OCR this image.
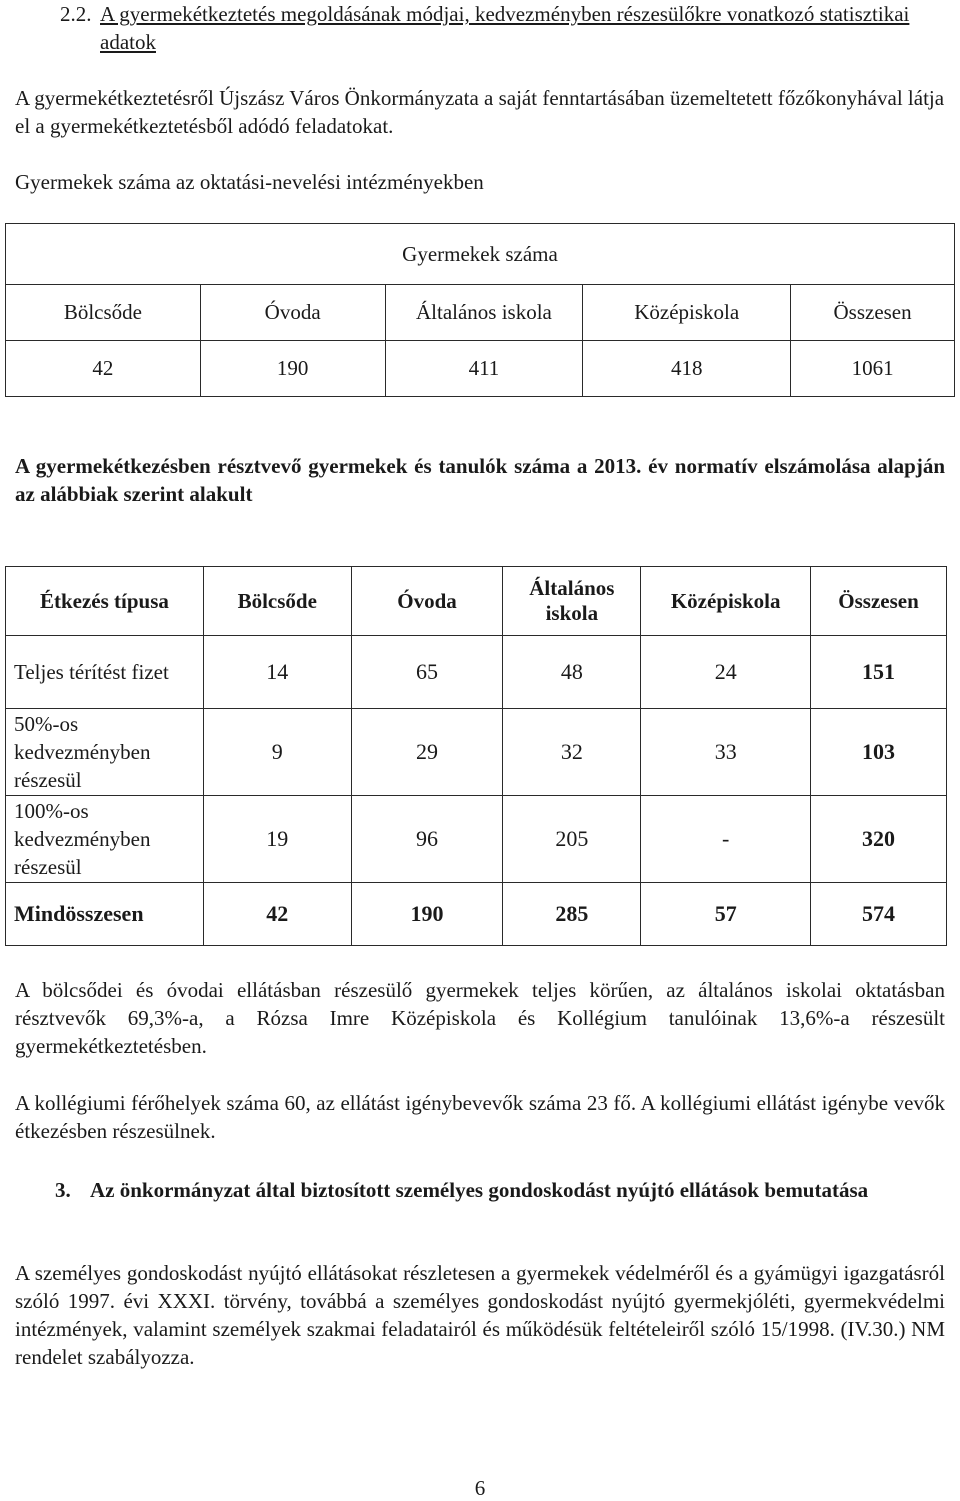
2.2. A gyermekétkeztetés megoldásának módjai, kedvezményben részesülőkre vonatkozó statisztikai adatok
A gyermekétkeztetésről Újszász Város Önkormányzata a saját fenntartásában üzemeltetett főzőkonyhával látja el a gyermekétkeztetésből adódó feladatokat.
Gyermekek száma az oktatási-nevelési intézményekben
Gyermekek száma				
Bölcsőde	Óvoda	Általános iskola	Középiskola	Összesen
42	190	411	418	1061
A gyermekétkezésben résztvevő gyermekek és tanulók száma a 2013. év normatív elszámolása alapján az alábbiak szerint alakult
Étkezés típusa	Bölcsőde	Óvoda	Általános iskola	Középiskola	Összesen
Teljes térítést fizet	14	65	48	24	151
50%-os kedvezményben részesül	9	29	32	33	103
100%-os kedvezményben részesül	19	96	205	-	320
Mindösszesen	42	190	285	57	574
A bölcsődei és óvodai ellátásban részesülő gyermekek teljes körűen, az általános iskolai oktatásban résztvevők 69,3%-a, a Rózsa Imre Középiskola és Kollégium tanulóinak 13,6%-a részesült gyermekétkeztetésben.
A kollégiumi férőhelyek száma 60, az ellátást igénybevevők száma 23 fő. A kollégiumi ellátást igénybe vevők étkezésben részesülnek.
3. Az önkormányzat által biztosított személyes gondoskodást nyújtó ellátások bemutatása
A személyes gondoskodást nyújtó ellátásokat részletesen a gyermekek védelméről és a gyámügyi igazgatásról szóló 1997. évi XXXI. törvény, továbbá a személyes gondoskodást nyújtó gyermekjóléti, gyermekvédelmi intézmények, valamint személyek szakmai feladatairól és működésük feltételeiről szóló 15/1998. (IV.30.) NM rendelet szabályozza.
6
